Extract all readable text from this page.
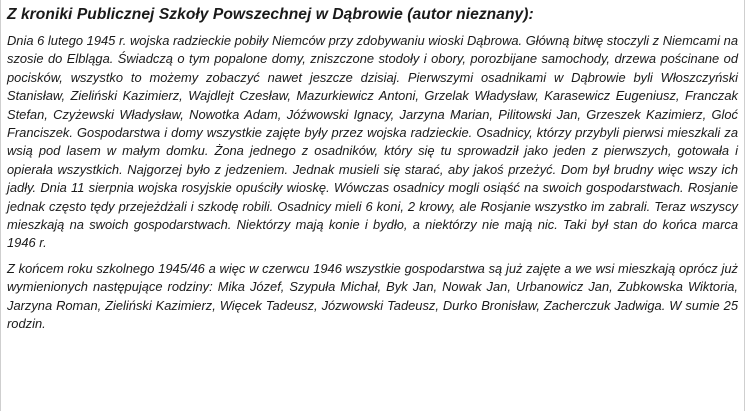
Z kroniki Publicznej Szkoły Powszechnej w Dąbrowie (autor nieznany):

Dnia 6 lutego 1945 r. wojska radzieckie pobiły Niemców przy zdobywaniu wioski Dąbrowa. Główną bitwę stoczyli z Niemcami na szosie do Elbląga. Świadczą o tym popalone domy, zniszczone stodoły i obory, porozbijane samochody, drzewa pościnane od pocisków, wszystko to możemy zobaczyć nawet jeszcze dzisiaj. Pierwszymi osadnikami w Dąbrowie byli Włoszczyński Stanisław, Zieliński Kazimierz, Wajdlejt Czesław, Mazurkiewicz Antoni, Grzelak Władysław, Karasewicz Eugeniusz, Franczak Stefan, Czyżewski Władysław, Nowotka Adam, Jóźwowski Ignacy, Jarzyna Marian, Pilitowski Jan, Grzeszek Kazimierz, Gloć Franciszek. Gospodarstwa i domy wszystkie zajęte były przez wojska radzieckie. Osadnicy, którzy przybyli pierwsi mieszkali za wsią pod lasem w małym domku. Żona jednego z osadników, który się tu sprowadził jako jeden z pierwszych, gotowała i opierała wszystkich. Najgorzej było z jedzeniem. Jednak musieli się starać, aby jakoś przeżyć. Dom był brudny więc wszy ich jadły. Dnia 11 sierpnia wojska rosyjskie opuściły wioskę. Wówczas osadnicy mogli osiąść na swoich gospodarstwach. Rosjanie jednak często tędy przejeżdżali i szkodę robili. Osadnicy mieli 6 koni, 2 krowy, ale Rosjanie wszystko im zabrali. Teraz wszyscy mieszkają na swoich gospodarstwach. Niektórzy mają konie i bydło, a niektórzy nie mają nic. Taki był stan do końca marca 1946 r.

Z końcem roku szkolnego 1945/46 a więc w czerwcu 1946 wszystkie gospodarstwa są już zajęte a we wsi mieszkają oprócz już wymienionych następujące rodziny: Mika Józef, Szypuła Michał, Byk Jan, Nowak Jan, Urbanowicz Jan, Zubkowska Wiktoria, Jarzyna Roman, Zieliński Kazimierz, Więcek Tadeusz, Józwowski Tadeusz, Durko Bronisław, Zacherczuk Jadwiga. W sumie 25 rodzin.
